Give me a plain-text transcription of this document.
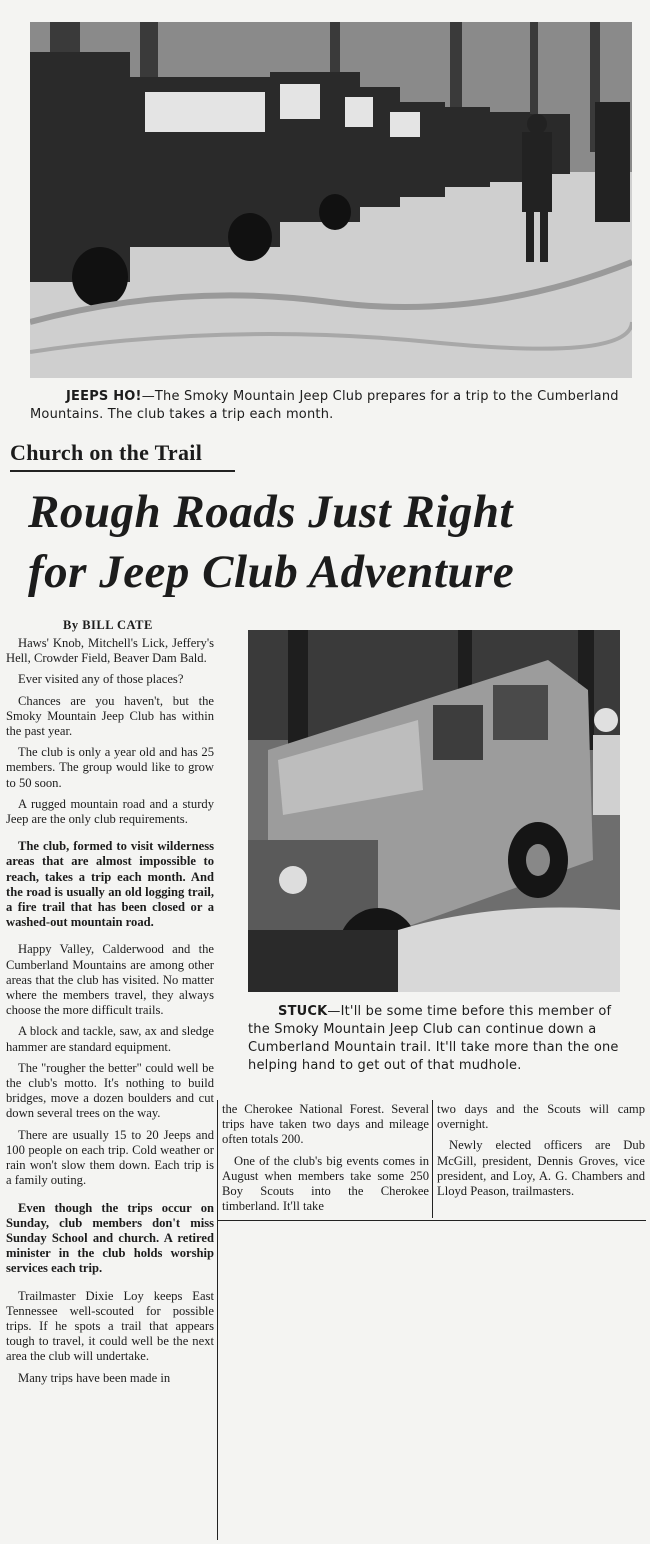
JEEPS HO!—The Smoky Mountain Jeep Club prepares for a trip to the Cumberland Mountains. The club takes a trip each month.
Church on the Trail
Rough Roads Just Right
for Jeep Club Adventure
By BILL CATE
STUCK—It'll be some time before this member of the Smoky Mountain Jeep Club can continue down a Cumberland Mountain trail. It'll take more than the one helping hand to get out of that mudhole.

Haws' Knob, Mitchell's Lick, Jeffery's Hell, Crowder Field, Beaver Dam Bald.

Ever visited any of those places?

Chances are you haven't, but the Smoky Mountain Jeep Club has within the past year.

The club is only a year old and has 25 members. The group would like to grow to 50 soon.

A rugged mountain road and a sturdy Jeep are the only club requirements.

The club, formed to visit wilderness areas that are almost impossible to reach, takes a trip each month. And the road is usually an old logging trail, a fire trail that has been closed or a washed-out mountain road.

Happy Valley, Calderwood and the Cumberland Mountains are among other areas that the club has visited. No matter where the members travel, they always choose the more difficult trails.

A block and tackle, saw, ax and sledge hammer are standard equipment.

The "rougher the better" could well be the club's motto. It's nothing to build bridges, move a dozen boulders and cut down several trees on the way.

There are usually 15 to 20 Jeeps and 100 people on each trip. Cold weather or rain won't slow them down. Each trip is a family outing.

Even though the trips occur on Sunday, club members don't miss Sunday School and church. A retired minister in the club holds worship services each trip.

Trailmaster Dixie Loy keeps East Tennessee well-scouted for possible trips. If he spots a trail that appears tough to travel, it could well be the next area the club will undertake.

Many trips have been made in

the Cherokee National Forest. Several trips have taken two days and mileage often totals 200.

One of the club's big events comes in August when members take some 250 Boy Scouts into the Cherokee timberland. It'll take

two days and the Scouts will camp overnight.

Newly elected officers are Dub McGill, president, Dennis Groves, vice president, and Loy, A. G. Chambers and Lloyd Peason, trailmasters.
